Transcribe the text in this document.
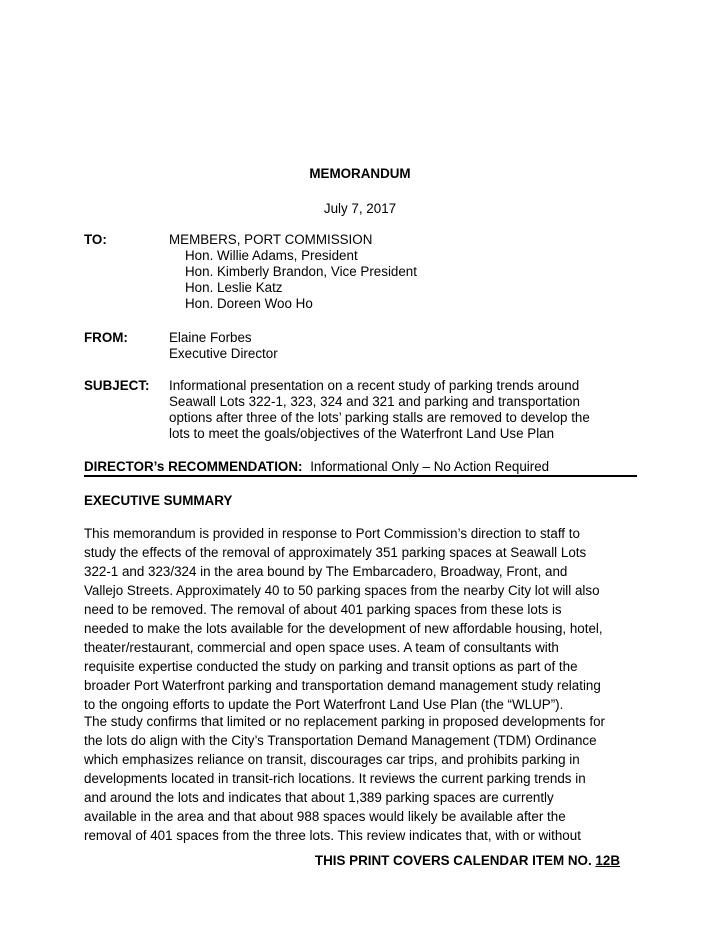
MEMORANDUM
July 7, 2017
TO:	MEMBERS, PORT COMMISSION
Hon. Willie Adams, President
Hon. Kimberly Brandon, Vice President
Hon. Leslie Katz
Hon. Doreen Woo Ho
FROM:	Elaine Forbes
Executive Director
SUBJECT: Informational presentation on a recent study of parking trends around
Seawall Lots 322-1, 323, 324 and 321 and parking and transportation
options after three of the lots’ parking stalls are removed to develop the
lots to meet the goals/objectives of the Waterfront Land Use Plan
DIRECTOR’s RECOMMENDATION: Informational Only – No Action Required
EXECUTIVE SUMMARY
This memorandum is provided in response to Port Commission’s direction to staff to
study the effects of the removal of approximately 351 parking spaces at Seawall Lots
322-1 and 323/324 in the area bound by The Embarcadero, Broadway, Front, and
Vallejo Streets. Approximately 40 to 50 parking spaces from the nearby City lot will also
need to be removed. The removal of about 401 parking spaces from these lots is
needed to make the lots available for the development of new affordable housing, hotel,
theater/restaurant, commercial and open space uses. A team of consultants with
requisite expertise conducted the study on parking and transit options as part of the
broader Port Waterfront parking and transportation demand management study relating
to the ongoing efforts to update the Port Waterfront Land Use Plan (the “WLUP”).
The study confirms that limited or no replacement parking in proposed developments for
the lots do align with the City’s Transportation Demand Management (TDM) Ordinance
which emphasizes reliance on transit, discourages car trips, and prohibits parking in
developments located in transit-rich locations. It reviews the current parking trends in
and around the lots and indicates that about 1,389 parking spaces are currently
available in the area and that about 988 spaces would likely be available after the
removal of 401 spaces from the three lots. This review indicates that, with or without
THIS PRINT COVERS CALENDAR ITEM NO. 12B
